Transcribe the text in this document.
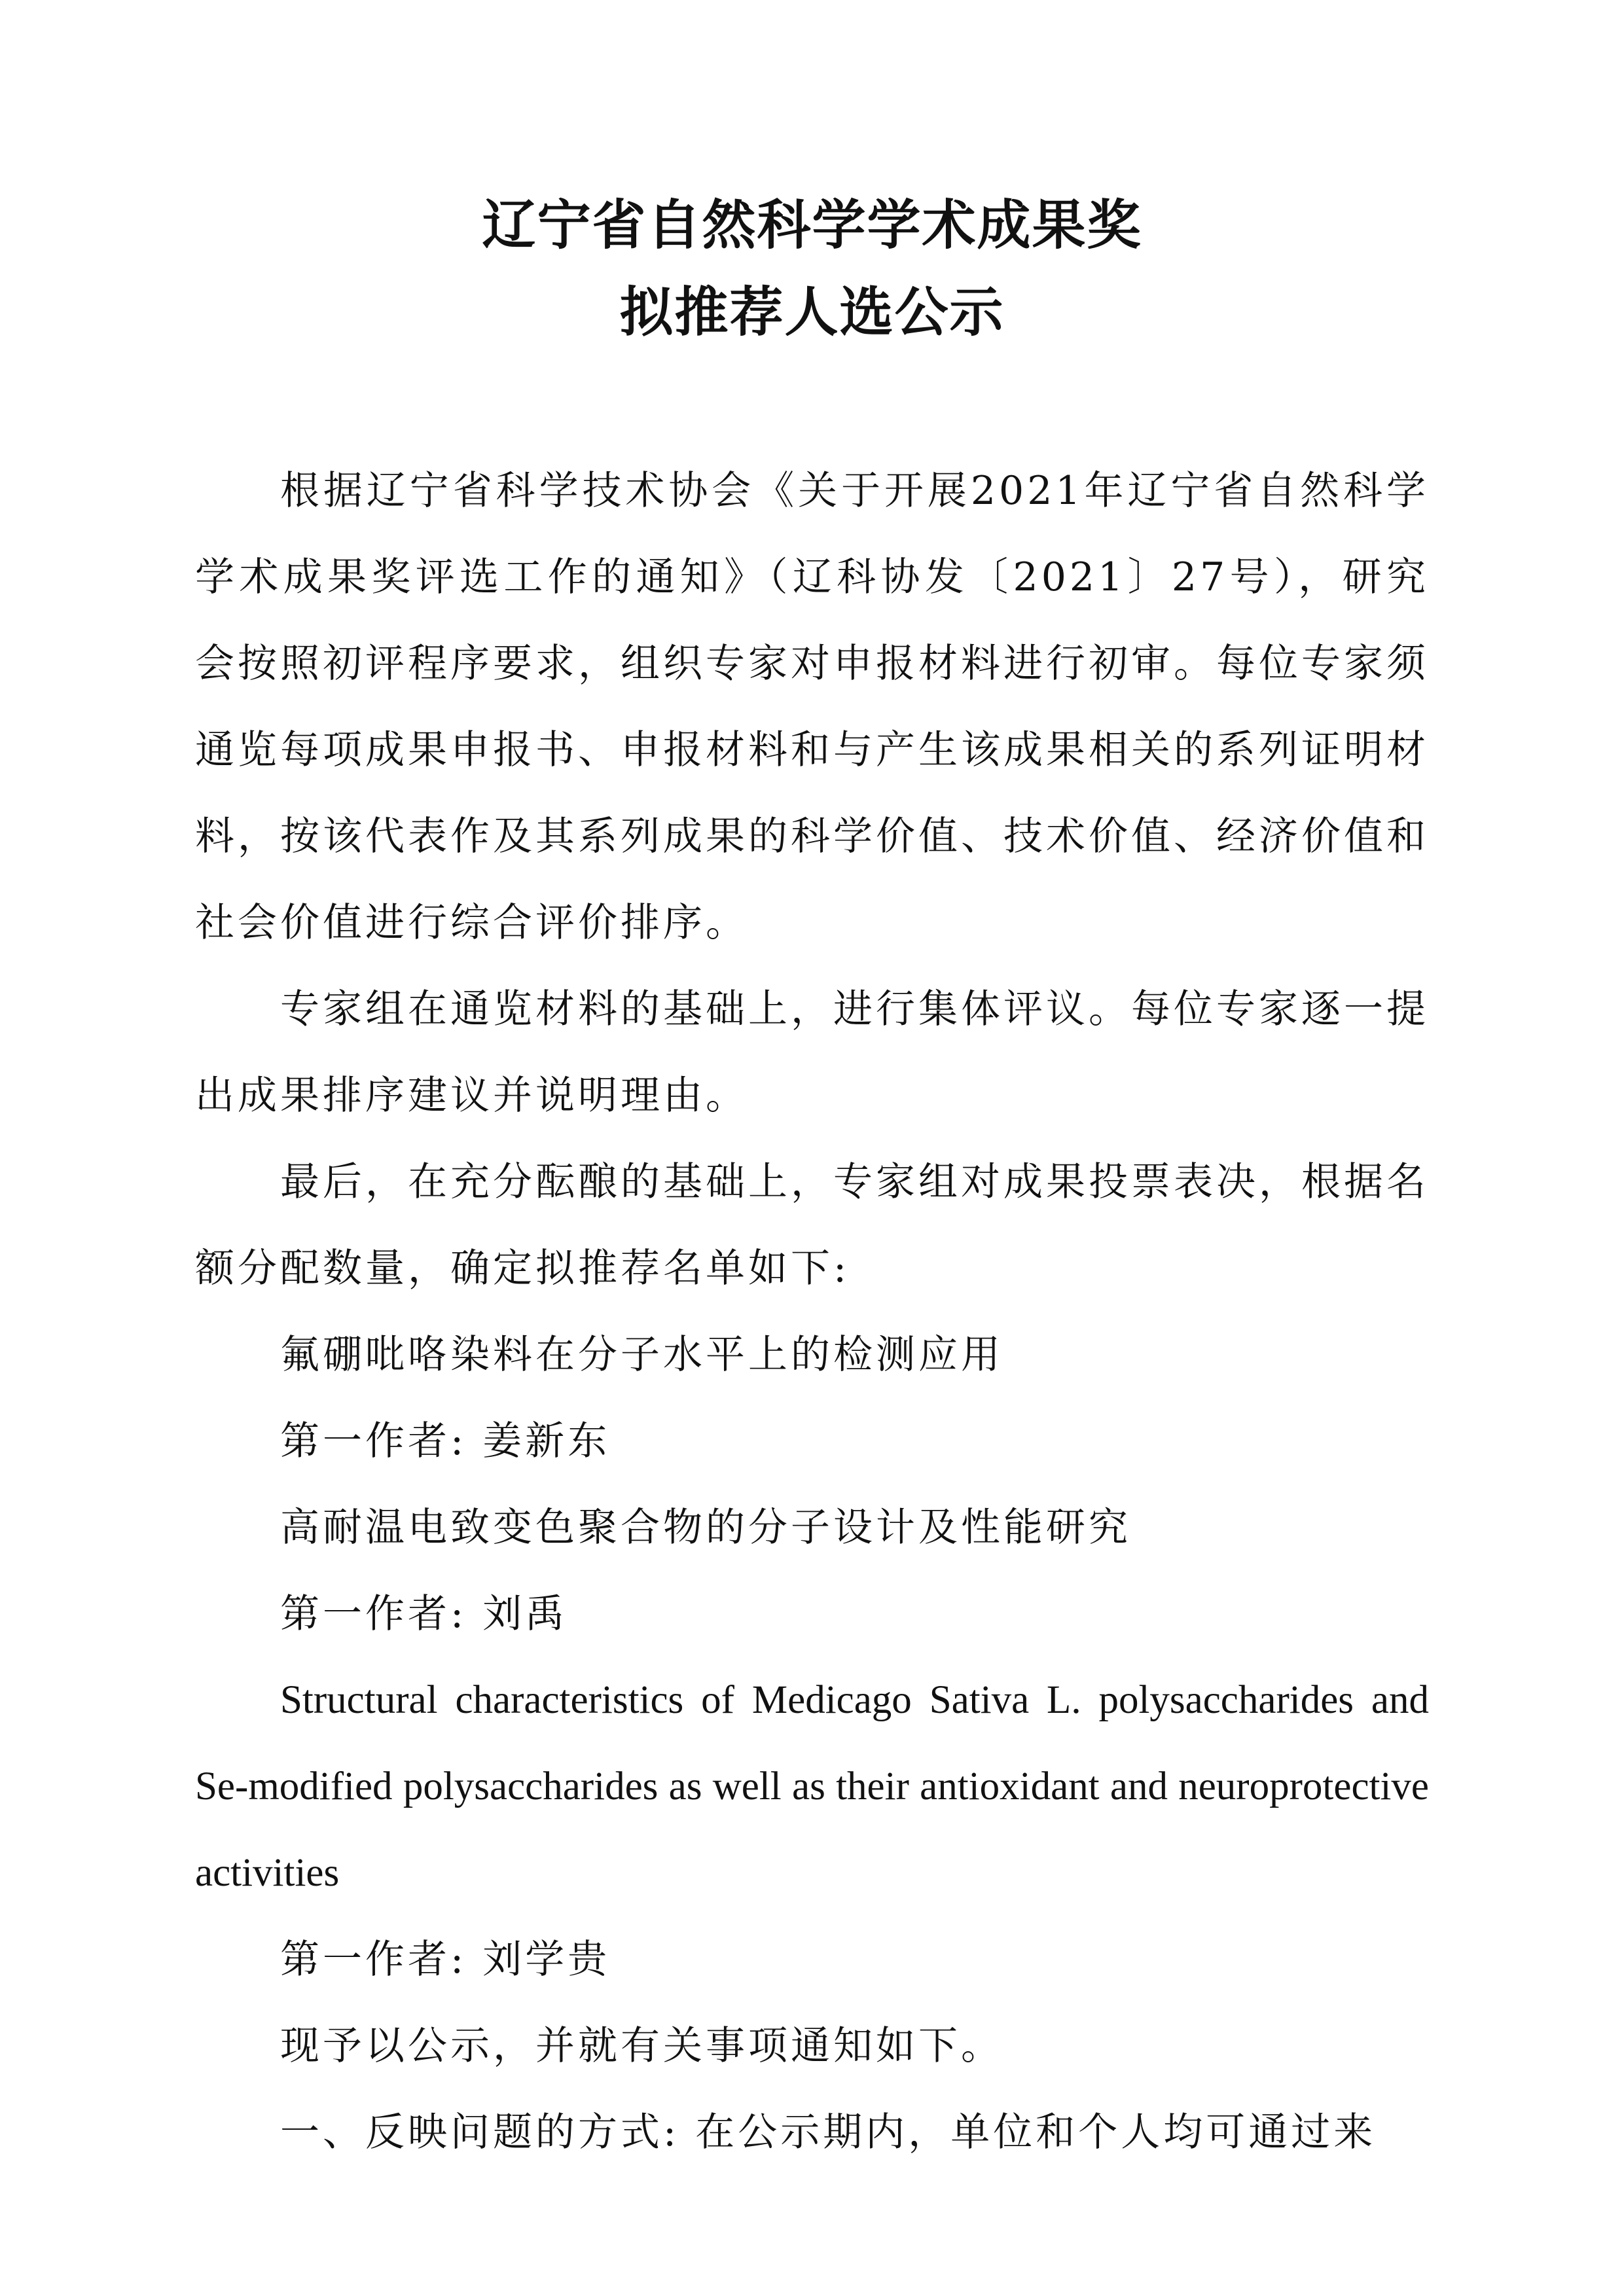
辽宁省自然科学学术成果奖
拟推荐人选公示

根据辽宁省科学技术协会《关于开展2021年辽宁省自然科学学术成果奖评选工作的通知》（辽科协发〔2021〕27号），研究会按照初评程序要求，组织专家对申报材料进行初审。每位专家须通览每项成果申报书、申报材料和与产生该成果相关的系列证明材料，按该代表作及其系列成果的科学价值、技术价值、经济价值和社会价值进行综合评价排序。

专家组在通览材料的基础上，进行集体评议。每位专家逐一提出成果排序建议并说明理由。

最后，在充分酝酿的基础上，专家组对成果投票表决，根据名额分配数量，确定拟推荐名单如下:

氟硼吡咯染料在分子水平上的检测应用

第一作者: 姜新东

高耐温电致变色聚合物的分子设计及性能研究

第一作者: 刘禹

Structural characteristics of Medicago Sativa L. polysaccharides and Se-modified polysaccharides as well as their antioxidant and neuroprotective activities

第一作者: 刘学贵

现予以公示，并就有关事项通知如下。

一、反映问题的方式: 在公示期内，单位和个人均可通过来
